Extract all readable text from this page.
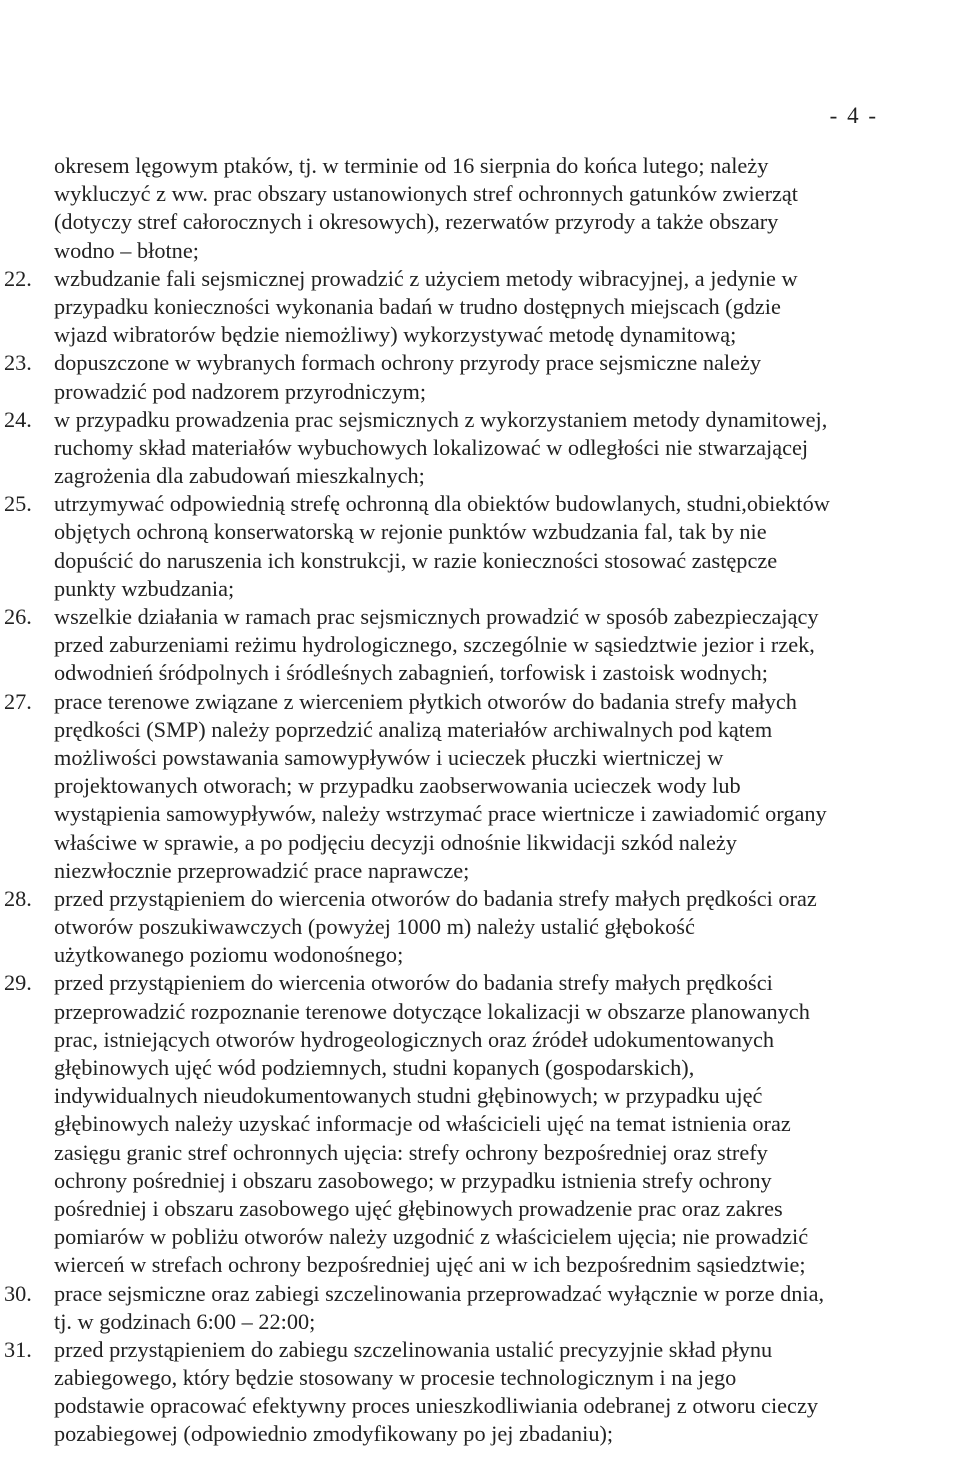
- 4 -
okresem lęgowym ptaków, tj. w terminie od 16 sierpnia do końca lutego; należy
wykluczyć z ww. prac obszary ustanowionych stref ochronnych gatunków zwierząt
(dotyczy stref całorocznych i okresowych), rezerwatów przyrody a także obszary
wodno – błotne;
22. wzbudzanie fali sejsmicznej prowadzić z użyciem metody wibracyjnej, a jedynie w
przypadku konieczności wykonania badań w trudno dostępnych miejscach (gdzie
wjazd wibratorów będzie niemożliwy) wykorzystywać metodę dynamitową;
23. dopuszczone w wybranych formach ochrony przyrody prace sejsmiczne należy
prowadzić pod nadzorem przyrodniczym;
24. w przypadku prowadzenia prac sejsmicznych z wykorzystaniem metody dynamitowej,
ruchomy skład materiałów wybuchowych lokalizować w odległości nie stwarzającej
zagrożenia dla zabudowań mieszkalnych;
25. utrzymywać odpowiednią strefę ochronną dla obiektów budowlanych, studni,obiektów
objętych ochroną konserwatorską w rejonie punktów wzbudzania fal, tak by nie
dopuścić do naruszenia ich konstrukcji, w razie konieczności stosować zastępcze
punkty wzbudzania;
26. wszelkie działania w ramach prac sejsmicznych prowadzić w sposób zabezpieczający
przed zaburzeniami reżimu hydrologicznego, szczególnie w sąsiedztwie jezior i rzek,
odwodnień śródpolnych i śródleśnych zabagnień, torfowisk i zastoisk wodnych;
27. prace terenowe związane z wierceniem płytkich otworów do badania strefy małych
prędkości (SMP) należy poprzedzić analizą materiałów archiwalnych pod kątem
możliwości powstawania samowypływów i ucieczek płuczki wiertniczej w
projektowanych otworach; w przypadku zaobserwowania ucieczek wody lub
wystąpienia samowypływów, należy wstrzymać prace wiertnicze i zawiadomić organy
właściwe w sprawie, a po podjęciu decyzji odnośnie likwidacji szkód należy
niezwłocznie przeprowadzić prace naprawcze;
28. przed przystąpieniem do wiercenia otworów do badania strefy małych prędkości oraz
otworów poszukiwawczych (powyżej 1000 m) należy ustalić głębokość
użytkowanego poziomu wodonośnego;
29. przed przystąpieniem do wiercenia otworów do badania strefy małych prędkości
przeprowadzić rozpoznanie terenowe dotyczące lokalizacji w obszarze planowanych
prac, istniejących otworów hydrogeologicznych oraz źródeł udokumentowanych
głębinowych ujęć wód podziemnych, studni kopanych (gospodarskich),
indywidualnych nieudokumentowanych studni głębinowych; w przypadku ujęć
głębinowych należy uzyskać informacje od właścicieli ujęć na temat istnienia oraz
zasięgu granic stref ochronnych ujęcia: strefy ochrony bezpośredniej oraz strefy
ochrony pośredniej i obszaru zasobowego; w przypadku istnienia strefy ochrony
pośredniej i obszaru zasobowego ujęć głębinowych prowadzenie prac oraz zakres
pomiarów w pobliżu otworów należy uzgodnić z właścicielem ujęcia; nie prowadzić
wierceń w strefach ochrony bezpośredniej ujęć ani w ich bezpośrednim sąsiedztwie;
30. prace sejsmiczne oraz zabiegi szczelinowania przeprowadzać wyłącznie w porze dnia,
tj. w godzinach 6:00 – 22:00;
31. przed przystąpieniem do zabiegu szczelinowania ustalić precyzyjnie skład płynu
zabiegowego, który będzie stosowany w procesie technologicznym i na jego
podstawie opracować efektywny proces unieszkodliwiania odebranej z otworu cieczy
pozabiegowej (odpowiednio zmodyfikowany po jej zbadaniu);
